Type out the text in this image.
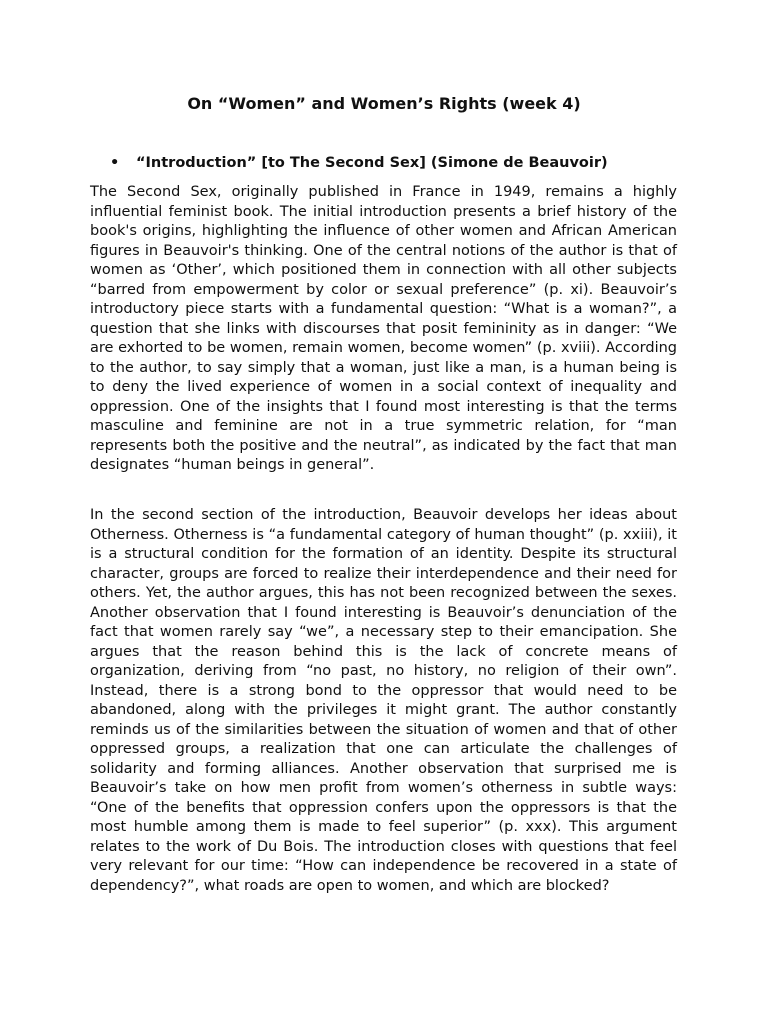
On “Women” and Women’s Rights (week 4)
•	“Introduction” [to The Second Sex] (Simone de Beauvoir)

The Second Sex, originally published in France in 1949, remains a highly influential feminist book. The initial introduction presents a brief history of the book's origins, highlighting the influence of other women and African American figures in Beauvoir's thinking. One of the central notions of the author is that of women as ‘Other’, which positioned them in connection with all other subjects “barred from empowerment by color or sexual preference” (p. xi). Beauvoir’s introductory piece starts with a fundamental question: “What is a woman?”, a question that she links with discourses that posit femininity as in danger: “We are exhorted to be women, remain women, become women” (p. xviii). According to the author, to say simply that a woman, just like a man, is a human being is to deny the lived experience of women in a social context of inequality and oppression. One of the insights that I found most interesting is that the terms masculine and feminine are not in a true symmetric relation, for “man represents both the positive and the neutral”, as indicated by the fact that man designates “human beings in general”.

In the second section of the introduction, Beauvoir develops her ideas about Otherness. Otherness is “a fundamental category of human thought” (p. xxiii), it is a structural condition for the formation of an identity. Despite its structural character, groups are forced to realize their interdependence and their need for others. Yet, the author argues, this has not been recognized between the sexes. Another observation that I found interesting is Beauvoir’s denunciation of the fact that women rarely say “we”, a necessary step to their emancipation. She argues that the reason behind this is the lack of concrete means of organization, deriving from “no past, no history, no religion of their own”. Instead, there is a strong bond to the oppressor that would need to be abandoned, along with the privileges it might grant. The author constantly reminds us of the similarities between the situation of women and that of other oppressed groups, a realization that one can articulate the challenges of solidarity and forming alliances. Another observation that surprised me is Beauvoir’s take on how men profit from women’s otherness in subtle ways: “One of the benefits that oppression confers upon the oppressors is that the most humble among them is made to feel superior” (p. xxx). This argument relates to the work of Du Bois. The introduction closes with questions that feel very relevant for our time: “How can independence be recovered in a state of dependency?”, what roads are open to women, and which are blocked?
